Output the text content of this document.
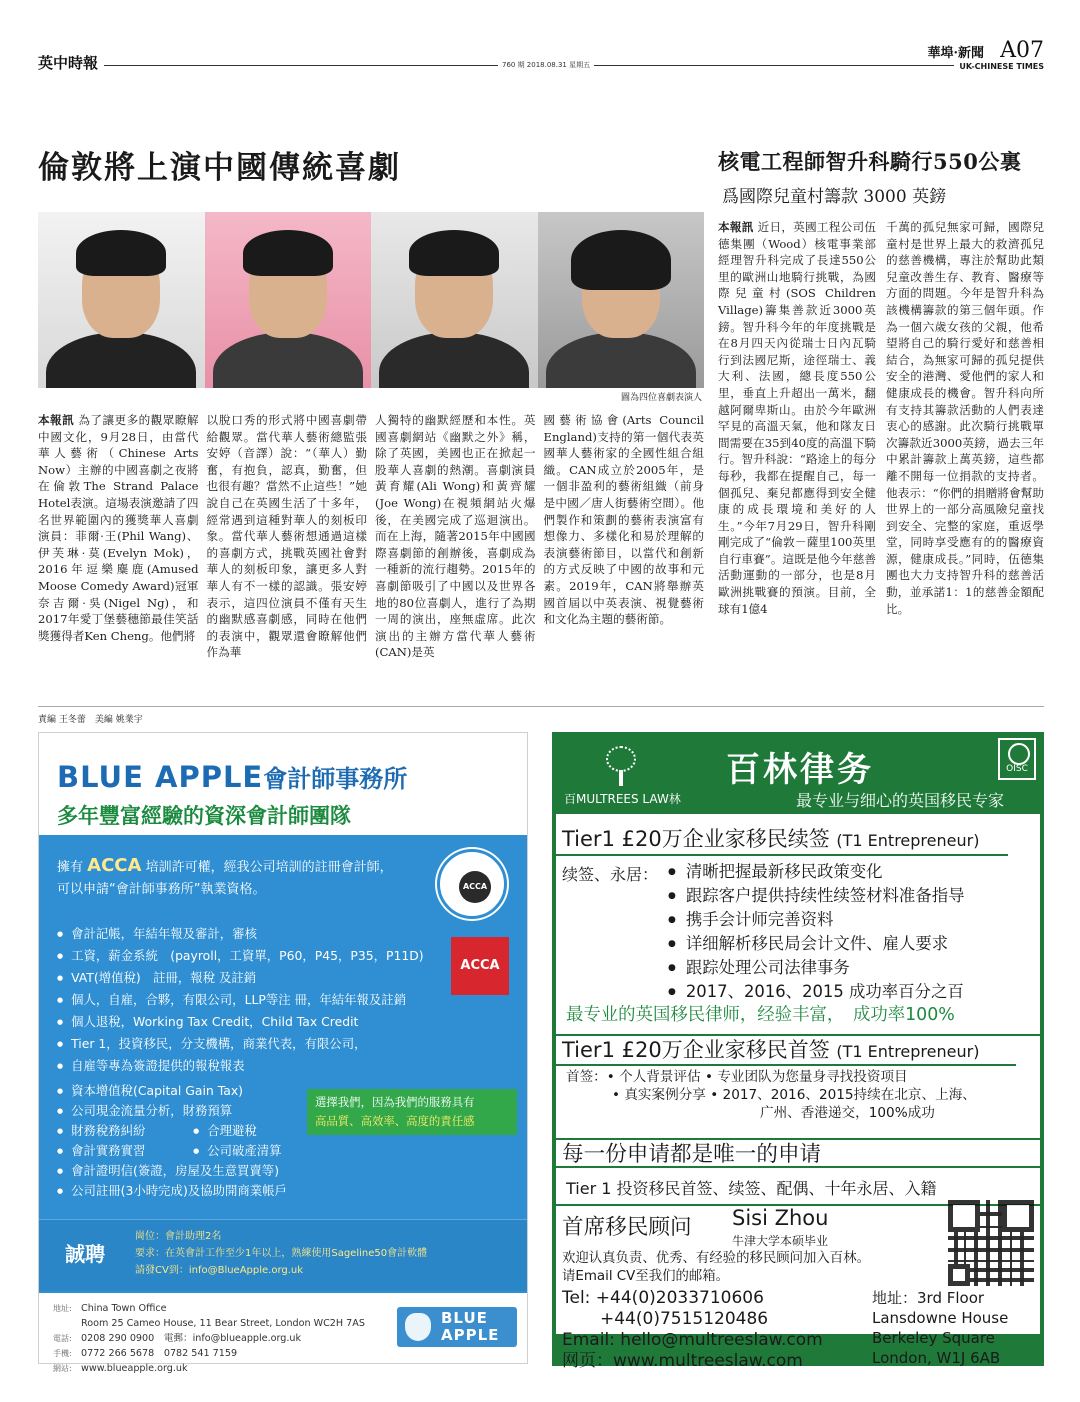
英中時報	760 期 2018.08.31 星期五
華埠·新聞 A07
UK-CHINESE TIMES
倫敦將上演中國傳統喜劇
圖為四位喜劇表演人
本報訊 為了讓更多的觀眾瞭解中國文化，9月28日，由當代華人藝術（Chinese Arts Now）主辦的中國喜劇之夜將在倫敦The Strand Palace Hotel表演。這場表演邀請了四名世界範圍內的獲獎華人喜劇演員：菲爾·王(Phil Wang)、伊芙琳·莫(Evelyn Mok)，2016年逗樂麋鹿(Amused Moose Comedy Award)冠軍奈吉爾·吳(Nigel Ng)，和2017年愛丁堡藝穗節最佳笑話獎獲得者Ken Cheng。他們將
以脫口秀的形式將中國喜劇帶給觀眾。當代華人藝術總監張安婷（音譯）說：“（華人）勤奮，有抱負，認真，勤奮，但也很有趣？當然不止這些！”她說自己在英國生活了十多年，經常遇到這種對華人的刻板印象。當代華人藝術想通過這樣的喜劇方式，挑戰英國社會對華人的刻板印象，讓更多人對華人有不一樣的認識。張安婷表示，這四位演員不僅有天生的幽默感喜劇感，同時在他們的表演中，觀眾還會瞭解他們作為華
人獨特的幽默經歷和本性。英國喜劇網站《幽默之外》稱，除了英國，美國也正在掀起一股華人喜劇的熱潮。喜劇演員黃育耀(Ali Wong)和黃齊耀(Joe Wong)在視頻網站火爆後，在美國完成了巡迴演出。而在上海，隨著2015年中國國際喜劇節的創辦後，喜劇成為一種新的流行趨勢。2015年的喜劇節吸引了中國以及世界各地的80位喜劇人，進行了為期一周的演出，座無虛席。此次演出的主辦方當代華人藝術(CAN)是英
國藝術協會(Arts Council England)支持的第一個代表英國華人藝術家的全國性組合組織。CAN成立於2005年，是一個非盈利的藝術組織（前身是中國／唐人街藝術空間）。他們製作和策劃的藝術表演富有想像力、多樣化和易於理解的表演藝術節目，以當代和創新的方式反映了中國的故事和元素。2019年，CAN將舉辦英國首屆以中英表演、視覺藝術和文化為主題的藝術節。
核電工程師智升科騎行550公裏
爲國際兒童村籌款 3000 英鎊
本報訊 近日，英國工程公司伍德集團（Wood）核電事業部經理智升科完成了長達550公里的歐洲山地騎行挑戰，為國際兒童村(SOS Children Village)籌集善款近3000英鎊。智升科今年的年度挑戰是在8月四天內從瑞士日內瓦騎行到法國尼斯，途徑瑞士、義大利、法國，總長度550公里，垂直上升超出一萬米，翻越阿爾卑斯山。由於今年歐洲罕見的高溫天氣，他和隊友日間需要在35到40度的高溫下騎行。智升科說：“路途上的每分每秒，我都在提醒自己，每一個孤兒、棄兒都應得到安全健康的成長環境和美好的人生。”今年7月29日，智升科剛剛完成了“倫敦－薩里100英里自行車賽”。這既是他今年慈善活動運動的一部分，也是8月歐洲挑戰賽的預演。目前，全球有1億4
千萬的孤兒無家可歸，國際兒童村是世界上最大的救濟孤兒的慈善機構，專注於幫助此類兒童改善生存、教育、醫療等方面的問題。今年是智升科為該機構籌款的第三個年頭。作為一個六歲女孩的父親，他希望將自己的騎行愛好和慈善相結合，為無家可歸的孤兒提供安全的港灣、愛他們的家人和健康成長的機會。智升科向所有支持其籌款活動的人們表達衷心的感謝。此次騎行挑戰單次籌款近3000英鎊，過去三年中累計籌款上萬英鎊，這些都離不開每一位捐款的支持者。他表示：“你們的捐贈將會幫助世界上的一部分高風險兒童找到安全、完整的家庭，重返學堂，同時享受應有的的醫療資源，健康成長。”同時，伍德集團也大力支持智升科的慈善活動，並承諾1：1的慈善金額配比。
責編 王冬蕾　美編 姚業宇
BLUE APPLE會計師事務所
多年豐富經驗的資深會計師團隊
擁有 ACCA 培訓許可權，經我公司培訓的註冊會計師，
可以申請“會計師事務所”執業資格。	ACCA
ACCA
● 會計記帳，年結年報及審計，審核
● 工資，薪金系統　(payroll，工資單，P60，P45，P35，P11D)
● VAT(增值稅)　註冊，報稅 及註銷
● 個人，自雇，合夥，有限公司，LLP等注 冊，年結年報及註銷
● 個人退稅，Working Tax Credit，Child Tax Credit
● Tier 1，投資移民，分支機構，商業代表，有限公司，
● 自雇等專為簽證提供的報稅報表
● 資本增值稅(Capital Gain Tax)
● 公司現金流量分析，財務預算
● 財務稅務糾紛	● 合理避稅
● 會計實務實習	● 公司破產清算
● 會計證明信(簽證，房屋及生意買賣等)
● 公司註冊(3小時完成)及協助開商業帳戶
選擇我們，因為我們的服務具有
高品質、高效率、高度的責任感
誠聘
崗位：會計助理2名
要求：在英會計工作至少1年以上，熟練使用Sageline50會計軟體
請發CV到：info@BlueApple.org.uk
地址: China Town Office
Room 25 Cameo House, 11 Bear Street, London WC2H 7AS
電話: 0208 290 0900　電郵：info@blueapple.org.uk
手機: 0772 266 5678　0782 541 7159
網站: www.blueapple.org.uk
BLUE
APPLE
百MULTREES LAW林
百林律务
最专业与细心的英国移民专家
OISC
Tier1 £20万企业家移民续签 (T1 Entrepreneur)
续签、永居：	● 清晰把握最新移民政策变化
● 跟踪客户提供持续性续签材料准备指导
● 携手会计师完善资料
● 详细解析移民局会计文件、雇人要求
● 跟踪处理公司法律事务
● 2017、2016、2015 成功率百分之百
最专业的英国移民律师，经验丰富，　成功率100%
Tier1 £20万企业家移民首签 (T1 Entrepreneur)
首签：• 个人背景评估 • 专业团队为您量身寻找投资项目
• 真实案例分享 • 2017、2016、2015持续在北京、上海、
广州、香港递交，100%成功
每一份申请都是唯一的申请
Tier 1 投资移民首签、续签、配偶、十年永居、入籍
首席移民顾问 Sisi Zhou
牛津大学本硕毕业
欢迎认真负责、优秀、有经验的移民顾问加入百林。
请Email CV至我们的邮箱。
Tel: +44(0)2033710606
+44(0)7515120486
Email: hello@multreeslaw.com
网页：www.multreeslaw.com
地址：3rd Floor
Lansdowne House
Berkeley Square
London, W1J 6AB
